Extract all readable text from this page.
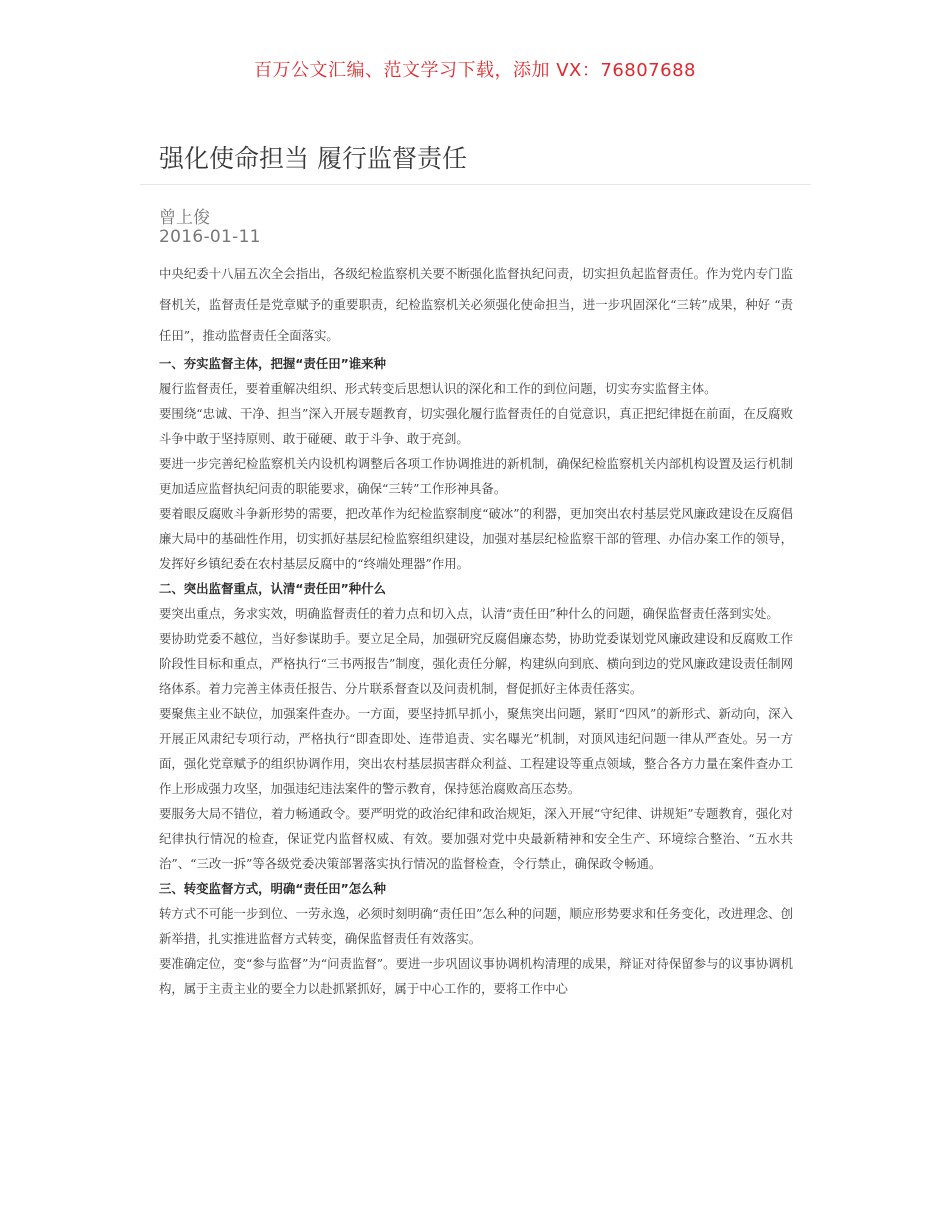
百万公文汇编、范文学习下载，添加 VX：76807688
强化使命担当 履行监督责任
曾上俊
2016-01-11

中央纪委十八届五次全会指出，各级纪检监察机关要不断强化监督执纪问责，切实担负起监督责任。作为党内专门监督机关，监督责任是党章赋予的重要职责，纪检监察机关必须强化使命担当，进一步巩固深化“三转”成果，种好 “责任田”，推动监督责任全面落实。

一、夯实监督主体，把握“责任田”谁来种

履行监督责任，要着重解决组织、形式转变后思想认识的深化和工作的到位问题，切实夯实监督主体。

要围绕“忠诚、干净、担当”深入开展专题教育，切实强化履行监督责任的自觉意识，真正把纪律挺在前面，在反腐败斗争中敢于坚持原则、敢于碰硬、敢于斗争、敢于亮剑。

要进一步完善纪检监察机关内设机构调整后各项工作协调推进的新机制，确保纪检监察机关内部机构设置及运行机制更加适应监督执纪问责的职能要求，确保“三转”工作形神具备。

要着眼反腐败斗争新形势的需要，把改革作为纪检监察制度“破冰”的利器，更加突出农村基层党风廉政建设在反腐倡廉大局中的基础性作用，切实抓好基层纪检监察组织建设，加强对基层纪检监察干部的管理、办信办案工作的领导，发挥好乡镇纪委在农村基层反腐中的“终端处理器”作用。

二、突出监督重点，认清“责任田”种什么

要突出重点，务求实效，明确监督责任的着力点和切入点，认清“责任田”种什么的问题，确保监督责任落到实处。

要协助党委不越位，当好参谋助手。要立足全局，加强研究反腐倡廉态势，协助党委谋划党风廉政建设和反腐败工作阶段性目标和重点，严格执行“三书两报告”制度，强化责任分解，构建纵向到底、横向到边的党风廉政建设责任制网络体系。着力完善主体责任报告、分片联系督查以及问责机制，督促抓好主体责任落实。

要聚焦主业不缺位，加强案件查办。一方面，要坚持抓早抓小，聚焦突出问题，紧盯“四风”的新形式、新动向，深入开展正风肃纪专项行动，严格执行“即查即处、连带追责、实名曝光”机制，对顶风违纪问题一律从严查处。另一方面，强化党章赋予的组织协调作用，突出农村基层损害群众利益、工程建设等重点领域，整合各方力量在案件查办工作上形成强力攻坚，加强违纪违法案件的警示教育，保持惩治腐败高压态势。

要服务大局不错位，着力畅通政令。要严明党的政治纪律和政治规矩，深入开展“守纪律、讲规矩”专题教育，强化对纪律执行情况的检查，保证党内监督权威、有效。要加强对党中央最新精神和安全生产、环境综合整治、“五水共治”、“三改一拆”等各级党委决策部署落实执行情况的监督检查，令行禁止，确保政令畅通。

三、转变监督方式，明确“责任田”怎么种

转方式不可能一步到位、一劳永逸，必须时刻明确“责任田”怎么种的问题，顺应形势要求和任务变化，改进理念、创新举措，扎实推进监督方式转变，确保监督责任有效落实。

要准确定位，变“参与监督”为“问责监督”。要进一步巩固议事协调机构清理的成果，辩证对待保留参与的议事协调机构，属于主责主业的要全力以赴抓紧抓好，属于中心工作的，要将工作中心
